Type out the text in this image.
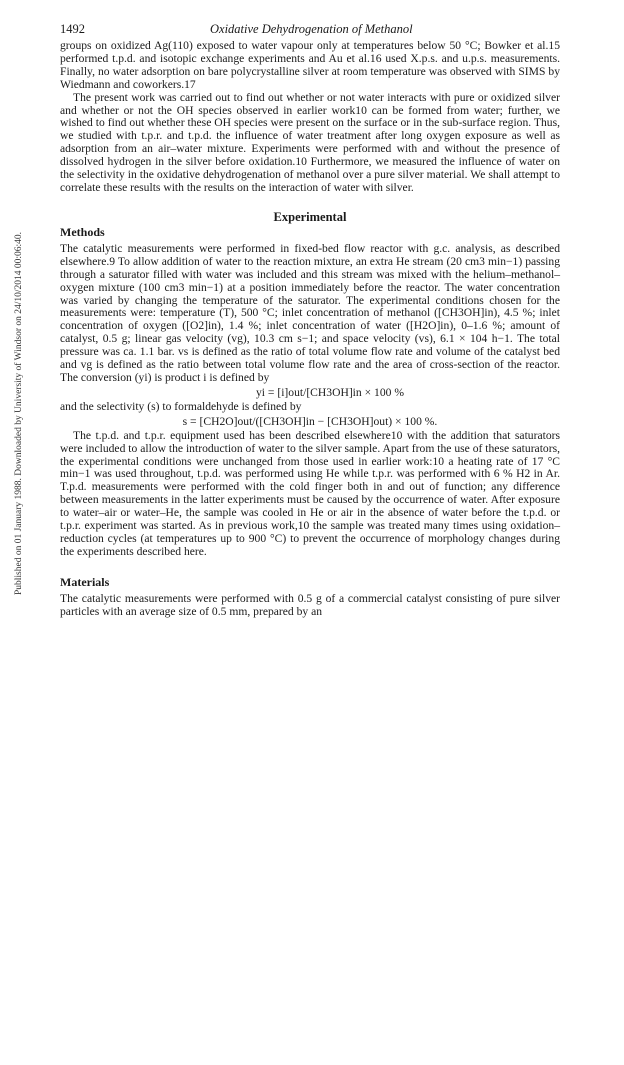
Published on 01 January 1988. Downloaded by University of Windsor on 24/10/2014 00:06:40.
1492	Oxidative Dehydrogenation of Methanol

groups on oxidized Ag(110) exposed to water vapour only at temperatures below 50 °C; Bowker et al.15 performed t.p.d. and isotopic exchange experiments and Au et al.16 used X.p.s. and u.p.s. measurements. Finally, no water adsorption on bare polycrystalline silver at room temperature was observed with SIMS by Wiedmann and coworkers.17

The present work was carried out to find out whether or not water interacts with pure or oxidized silver and whether or not the OH species observed in earlier work10 can be formed from water; further, we wished to find out whether these OH species were present on the surface or in the sub-surface region. Thus, we studied with t.p.r. and t.p.d. the influence of water treatment after long oxygen exposure as well as adsorption from an air–water mixture. Experiments were performed with and without the presence of dissolved hydrogen in the silver before oxidation.10 Furthermore, we measured the influence of water on the selectivity in the oxidative dehydrogenation of methanol over a pure silver material. We shall attempt to correlate these results with the results on the interaction of water with silver.

Experimental
Methods

The catalytic measurements were performed in fixed-bed flow reactor with g.c. analysis, as described elsewhere.9 To allow addition of water to the reaction mixture, an extra He stream (20 cm3 min−1) passing through a saturator filled with water was included and this stream was mixed with the helium–methanol–oxygen mixture (100 cm3 min−1) at a position immediately before the reactor. The water concentration was varied by changing the temperature of the saturator. The experimental conditions chosen for the measurements were: temperature (T), 500 °C; inlet concentration of methanol ([CH3OH]in), 4.5 %; inlet concentration of oxygen ([O2]in), 1.4 %; inlet concentration of water ([H2O]in), 0–1.6 %; amount of catalyst, 0.5 g; linear gas velocity (vg), 10.3 cm s−1; and space velocity (vs), 6.1 × 104 h−1. The total pressure was ca. 1.1 bar. vs is defined as the ratio of total volume flow rate and volume of the catalyst bed and vg is defined as the ratio between total volume flow rate and the area of cross-section of the reactor. The conversion (yi) is product i is defined by

yi = [i]out/[CH3OH]in × 100 %

and the selectivity (s) to formaldehyde is defined by

s = [CH2O]out/([CH3OH]in − [CH3OH]out) × 100 %.

The t.p.d. and t.p.r. equipment used has been described elsewhere10 with the addition that saturators were included to allow the introduction of water to the silver sample. Apart from the use of these saturators, the experimental conditions were unchanged from those used in earlier work:10 a heating rate of 17 °C min−1 was used throughout, t.p.d. was performed using He while t.p.r. was performed with 6 % H2 in Ar. T.p.d. measurements were performed with the cold finger both in and out of function; any difference between measurements in the latter experiments must be caused by the occurrence of water. After exposure to water–air or water–He, the sample was cooled in He or air in the absence of water before the t.p.d. or t.p.r. experiment was started. As in previous work,10 the sample was treated many times using oxidation–reduction cycles (at temperatures up to 900 °C) to prevent the occurrence of morphology changes during the experiments described here.

Materials

The catalytic measurements were performed with 0.5 g of a commercial catalyst consisting of pure silver particles with an average size of 0.5 mm, prepared by an
